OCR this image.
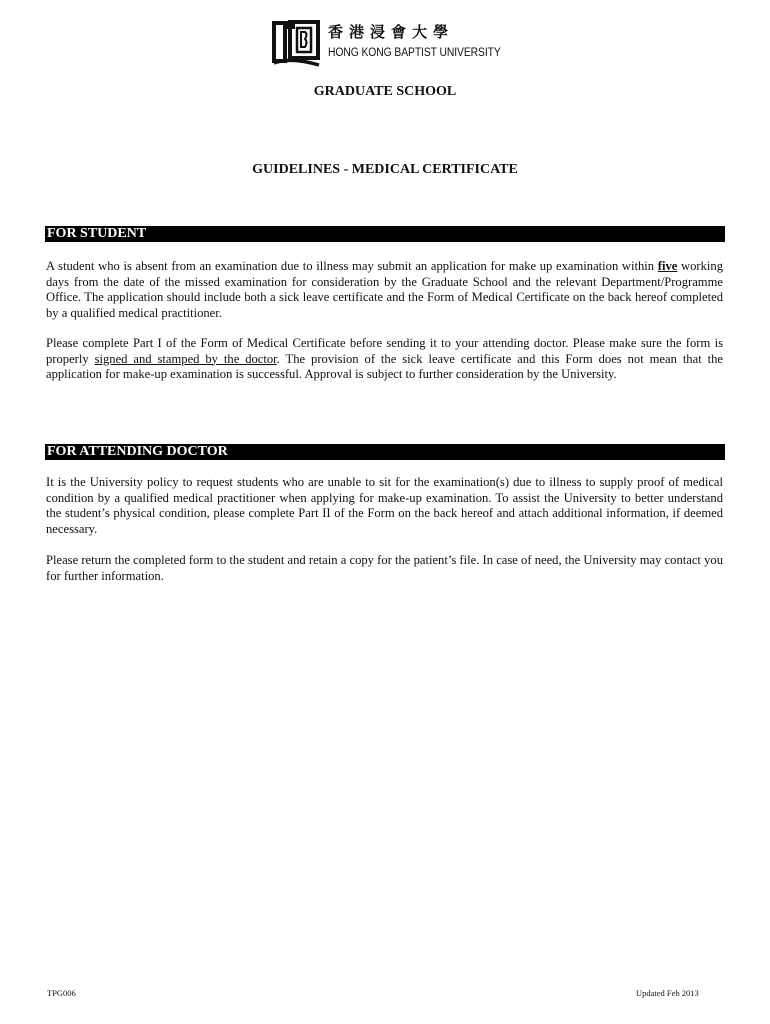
香港浸會大學
HONG KONG BAPTIST UNIVERSITY
GRADUATE SCHOOL
GUIDELINES - MEDICAL CERTIFICATE
FOR STUDENT

A student who is absent from an examination due to illness may submit an application for make up examination within five working days from the date of the missed examination for consideration by the Graduate School and the relevant Department/Programme Office. The application should include both a sick leave certificate and the Form of Medical Certificate on the back hereof completed by a qualified medical practitioner.

Please complete Part I of the Form of Medical Certificate before sending it to your attending doctor. Please make sure the form is properly signed and stamped by the doctor. The provision of the sick leave certificate and this Form does not mean that the application for make-up examination is successful. Approval is subject to further consideration by the University.

FOR ATTENDING DOCTOR

It is the University policy to request students who are unable to sit for the examination(s) due to illness to supply proof of medical condition by a qualified medical practitioner when applying for make-up examination. To assist the University to better understand the student’s physical condition, please complete Part II of the Form on the back hereof and attach additional information, if deemed necessary.

Please return the completed form to the student and retain a copy for the patient’s file. In case of need, the University may contact you for further information.

TPG006	Updated Feb 2013
